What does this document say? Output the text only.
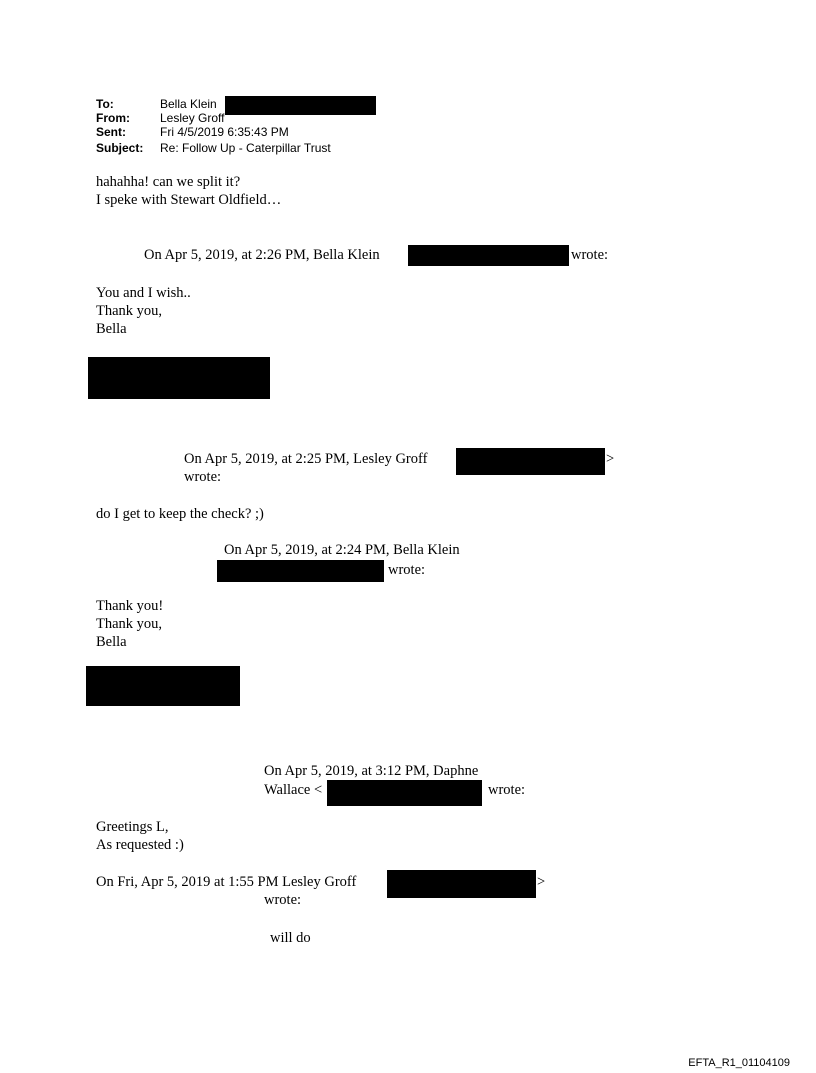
To:	Bella Klein
From:	Lesley Groff
Sent:	Fri 4/5/2019 6:35:43 PM
Subject: Re: Follow Up - Caterpillar Trust
hahahha! can we split it?
I speke with Stewart Oldfield…
On Apr 5, 2019, at 2:26 PM, Bella Klein	wrote:
You and I wish..
Thank you,
Bella
On Apr 5, 2019, at 2:25 PM, Lesley Groff	>
wrote:
do I get to keep the check? ;)
On Apr 5, 2019, at 2:24 PM, Bella Klein
wrote:
Thank you!
Thank you,
Bella
On Apr 5, 2019, at 3:12 PM, Daphne
Wallace <	wrote:
Greetings L,
As requested :)
On Fri, Apr 5, 2019 at 1:55 PM Lesley Groff	>
wrote:
will do
EFTA_R1_01104109
